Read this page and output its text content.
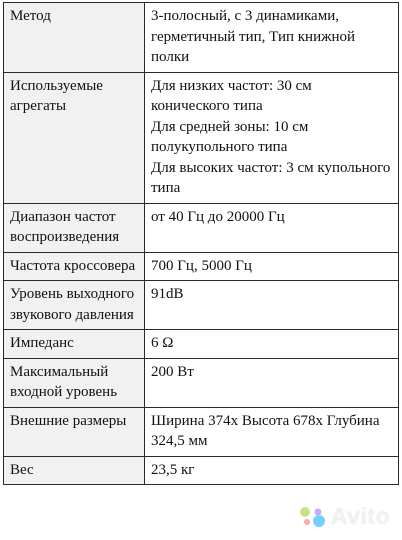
Метод	3-полосный, с 3 динамиками, герметичный тип, Тип книжной полки

Используемые агрегаты	Для низких частот: 30 см конического типа
Для средней зоны: 10 см полукупольного типа
Для высоких частот: 3 см купольного типа

Диапазон частот воспроизведения	от 40 Гц до 20000 Гц

Частота кроссовера	700 Гц, 5000 Гц

Уровень выходного звукового давления	91dB

Импеданс	6 Ω

Максимальный входной уровень	200 Вт

Внешние размеры	Ширина 374х Высота 678х Глубина 324,5 мм

Вес	23,5 кг
Avito
